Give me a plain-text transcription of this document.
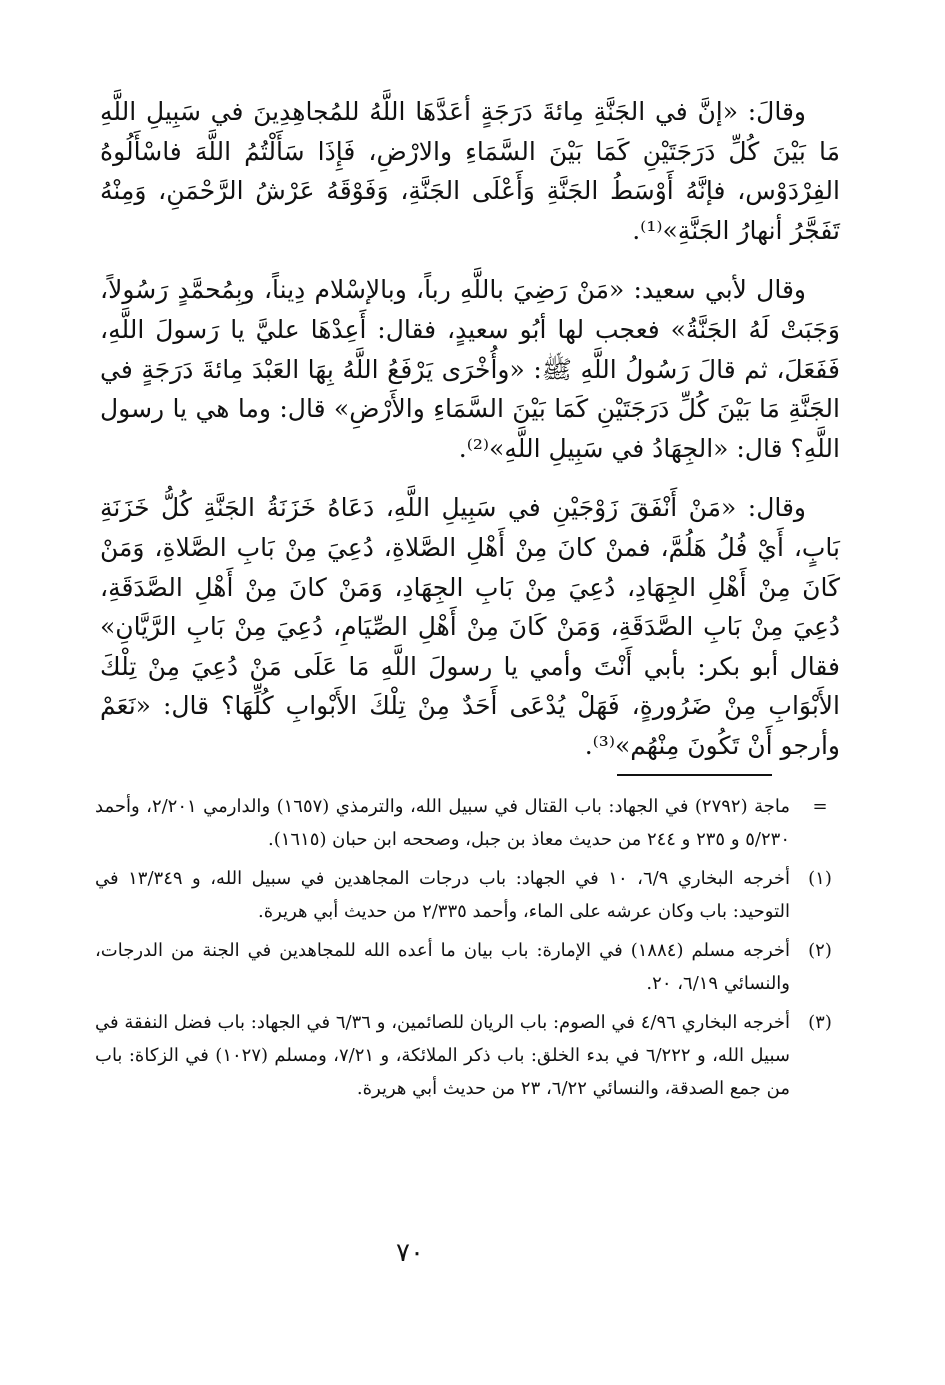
وقالَ: «إنَّ في الجَنَّةِ مِائةَ دَرَجَةٍ أعَدَّهَا اللَّهُ للمُجاهِدِينَ في سَبِيلِ اللَّهِ مَا بَيْنَ كُلِّ دَرَجَتَيْنِ كَمَا بَيْنَ السَّمَاءِ والارْضِ، فَإِذَا سَأَلْتُمُ اللَّهَ فاسْأَلُوهُ الفِرْدَوْس، فإنَّهُ أَوْسَطُ الجَنَّةِ وَأَعْلَى الجَنَّةِ، وَفَوْقَهُ عَرْشُ الرَّحْمَنِ، وَمِنْهُ تَفَجَّرُ أنهارُ الجَنَّةِ»⁽¹⁾.

وقال لأبي سعيد: «مَنْ رَضِيَ باللَّهِ رباً، وبالإسْلام دِيناً، وبِمُحمَّدٍ رَسُولاً، وَجَبَتْ لَهُ الجَنَّةُ» فعجب لها أبُو سعيدٍ، فقال: أَعِدْهَا عليَّ يا رَسولَ اللَّهِ، فَفَعَلَ، ثم قالَ رَسُولُ اللَّهِ ﷺ: «وأُخْرَى يَرْفَعُ اللَّهُ بِهَا العَبْدَ مِائةَ دَرَجَةٍ في الجَنَّةِ مَا بَيْنَ كُلِّ دَرَجَتَيْنِ كَمَا بَيْنَ السَّمَاءِ والأَرْضِ» قال: وما هي يا رسول اللَّهِ؟ قال: «الجِهَادُ في سَبِيلِ اللَّهِ»⁽²⁾.

وقال: «مَنْ أَنْفَقَ زَوْجَيْنِ في سَبِيلِ اللَّهِ، دَعَاهُ خَزَنَةُ الجَنَّةِ كُلُّ خَزَنَةِ بَابٍ، أَيْ فُلُ هَلُمَّ، فمنْ كانَ مِنْ أَهْلِ الصَّلاةِ، دُعِيَ مِنْ بَابِ الصَّلاةِ، وَمَنْ كَانَ مِنْ أَهْلِ الجِهَادِ، دُعِيَ مِنْ بَابِ الجِهَادِ، وَمَنْ كانَ مِنْ أَهْلِ الصَّدَقَةِ، دُعِيَ مِنْ بَابِ الصَّدَقَةِ، وَمَنْ كَانَ مِنْ أَهْلِ الصِّيَامِ، دُعِيَ مِنْ بَابِ الرَّيَّانِ» فقال أبو بكر: بأبي أَنْتَ وأمي يا رسولَ اللَّهِ مَا عَلَى مَنْ دُعِيَ مِنْ تِلْكَ الأَبْوَابِ مِنْ ضَرُورةٍ، فَهَلْ يُدْعَى أَحَدٌ مِنْ تِلْكَ الأَبْوابِ كُلِّهَا؟ قال: «نَعَمْ وأرجو أَنْ تَكُونَ مِنْهُم»⁽³⁾.

=
ماجة (٢٧٩٢) في الجهاد: باب القتال في سبيل الله، والترمذي (١٦٥٧) والدارمي ٢/٢٠١، وأحمد ٥/٢٣٠ و ٢٣٥ و ٢٤٤ من حديث معاذ بن جبل، وصححه ابن حبان (١٦١٥).
(١)
أخرجه البخاري ٦/٩، ١٠ في الجهاد: باب درجات المجاهدين في سبيل الله، و ١٣/٣٤٩ في التوحيد: باب وكان عرشه على الماء، وأحمد ٢/٣٣٥ من حديث أبي هريرة.
(٢)
أخرجه مسلم (١٨٨٤) في الإمارة: باب بيان ما أعده الله للمجاهدين في الجنة من الدرجات، والنسائي ٦/١٩، ٢٠.
(٣)
أخرجه البخاري ٤/٩٦ في الصوم: باب الريان للصائمين، و ٦/٣٦ في الجهاد: باب فضل النفقة في سبيل الله، و ٦/٢٢٢ في بدء الخلق: باب ذكر الملائكة، و ٧/٢١، ومسلم (١٠٢٧) في الزكاة: باب من جمع الصدقة، والنسائي ٦/٢٢، ٢٣ من حديث أبي هريرة.
٧٠
